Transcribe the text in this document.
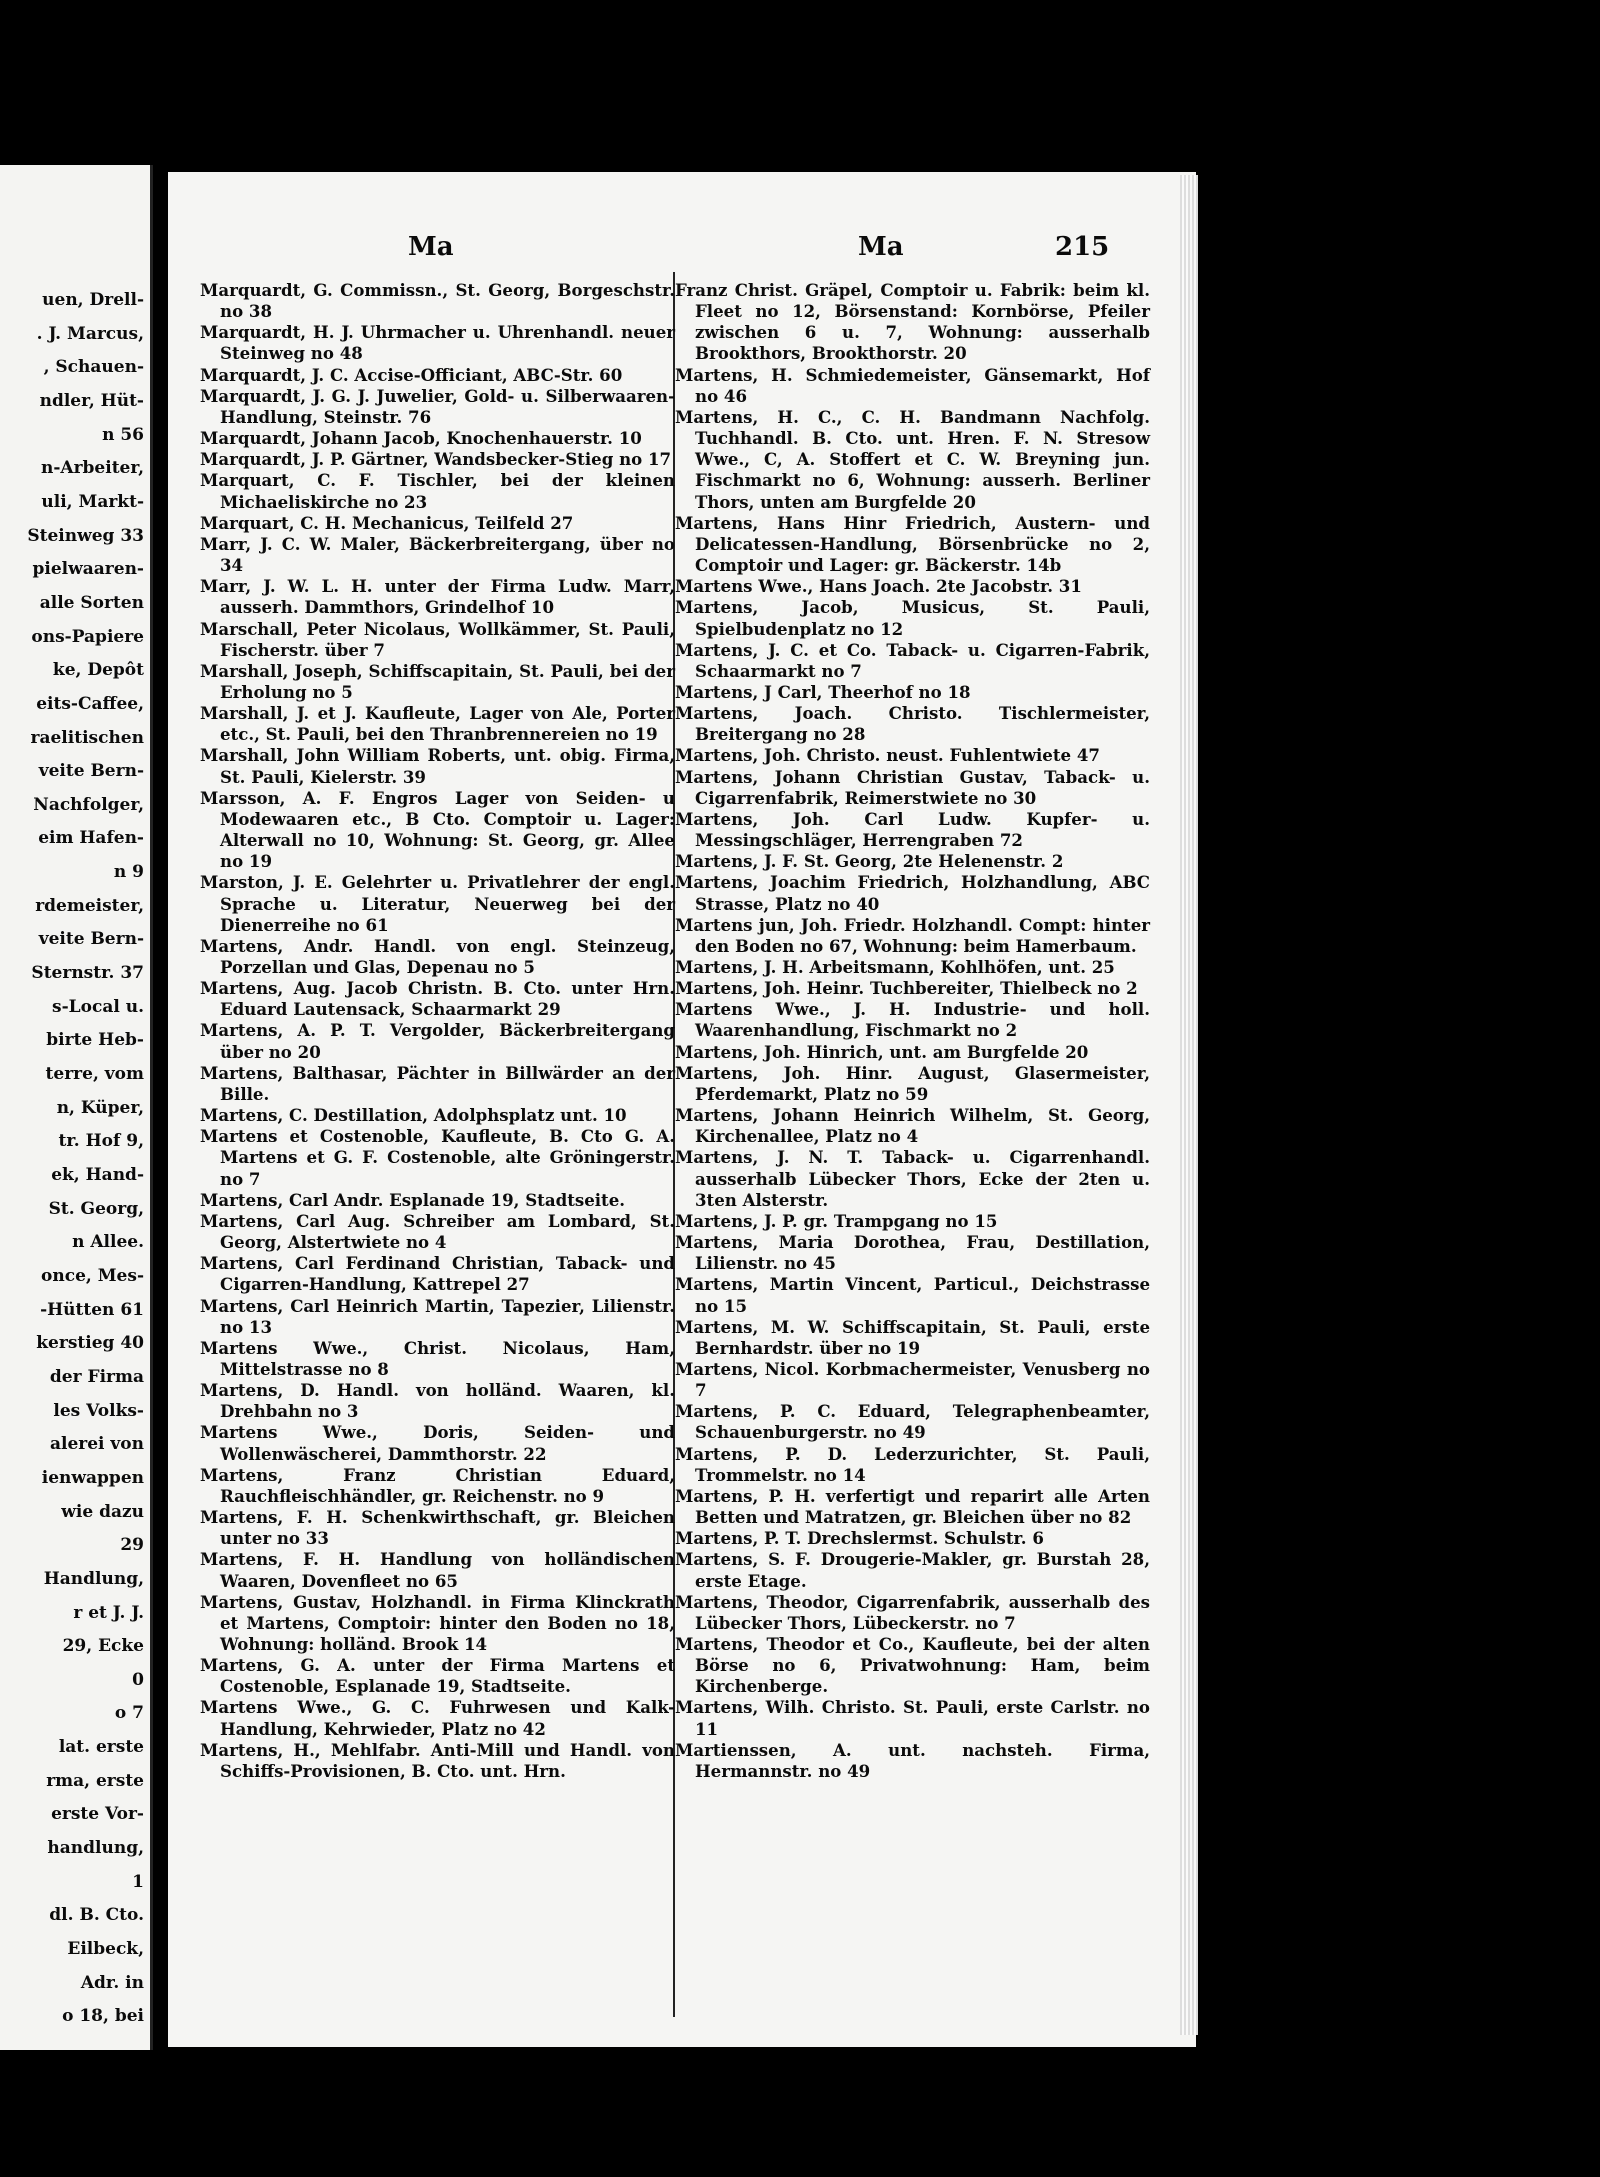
uen, Drell-
. J. Marcus,
, Schauen-
ndler, Hüt-
n 56
n-Arbeiter,
uli, Markt-
Steinweg 33
pielwaaren-
alle Sorten
ons-Papiere
ke, Depôt
eits-Caffee,
raelitischen
veite Bern-
Nachfolger,
eim Hafen-
n 9
rdemeister,
veite Bern-
Sternstr. 37
s-Local u.
birte Heb-
terre, vom
n, Küper,
tr. Hof 9,
ek, Hand-
St. Georg,
n Allee.
once, Mes-
-Hütten 61
kerstieg 40
der Firma
les Volks-
alerei von
ienwappen
wie dazu
29
Handlung,
r et J. J.
29, Ecke
0
o 7
lat. erste
rma, erste
erste Vor-
handlung,
1
dl. B. Cto.
Eilbeck,
Adr. in
o 18, bei
Ma	Ma	215

Marquardt, G. Commissn., St. Georg, Borgeschstr. no 38

Marquardt, H. J. Uhrmacher u. Uhrenhandl. neuer Steinweg no 48

Marquardt, J. C. Accise-Officiant, ABC-Str. 60

Marquardt, J. G. J. Juwelier, Gold- u. Silberwaaren-Handlung, Steinstr. 76

Marquardt, Johann Jacob, Knochenhauerstr. 10

Marquardt, J. P. Gärtner, Wandsbecker-Stieg no 17

Marquart, C. F. Tischler, bei der kleinen Michaeliskirche no 23

Marquart, C. H. Mechanicus, Teilfeld 27

Marr, J. C. W. Maler, Bäckerbreitergang, über no 34

Marr, J. W. L. H. unter der Firma Ludw. Marr, ausserh. Dammthors, Grindelhof 10

Marschall, Peter Nicolaus, Wollkämmer, St. Pauli, Fischerstr. über 7

Marshall, Joseph, Schiffscapitain, St. Pauli, bei der Erholung no 5

Marshall, J. et J. Kaufleute, Lager von Ale, Porter etc., St. Pauli, bei den Thranbrennereien no 19

Marshall, John William Roberts, unt. obig. Firma, St. Pauli, Kielerstr. 39

Marsson, A. F. Engros Lager von Seiden- u Modewaaren etc., B Cto. Comptoir u. Lager: Alterwall no 10, Wohnung: St. Georg, gr. Allee no 19

Marston, J. E. Gelehrter u. Privatlehrer der engl. Sprache u. Literatur, Neuerweg bei der Dienerreihe no 61

Martens, Andr. Handl. von engl. Steinzeug, Porzellan und Glas, Depenau no 5

Martens, Aug. Jacob Christn. B. Cto. unter Hrn. Eduard Lautensack, Schaarmarkt 29

Martens, A. P. T. Vergolder, Bäckerbreitergang über no 20

Martens, Balthasar, Pächter in Billwärder an der Bille.

Martens, C. Destillation, Adolphsplatz unt. 10

Martens et Costenoble, Kaufleute, B. Cto G. A. Martens et G. F. Costenoble, alte Gröningerstr. no 7

Martens, Carl Andr. Esplanade 19, Stadtseite.

Martens, Carl Aug. Schreiber am Lombard, St. Georg, Alstertwiete no 4

Martens, Carl Ferdinand Christian, Taback- und Cigarren-Handlung, Kattrepel 27

Martens, Carl Heinrich Martin, Tapezier, Lilienstr. no 13

Martens Wwe., Christ. Nicolaus, Ham, Mittelstrasse no 8

Martens, D. Handl. von holländ. Waaren, kl. Drehbahn no 3

Martens Wwe., Doris, Seiden- und Wollenwäscherei, Dammthorstr. 22

Martens, Franz Christian Eduard, Rauchfleischhändler, gr. Reichenstr. no 9

Martens, F. H. Schenkwirthschaft, gr. Bleichen unter no 33

Martens, F. H. Handlung von holländischen Waaren, Dovenfleet no 65

Martens, Gustav, Holzhandl. in Firma Klinckrath et Martens, Comptoir: hinter den Boden no 18, Wohnung: holländ. Brook 14

Martens, G. A. unter der Firma Martens et Costenoble, Esplanade 19, Stadtseite.

Martens Wwe., G. C. Fuhrwesen und Kalk-Handlung, Kehrwieder, Platz no 42

Martens, H., Mehlfabr. Anti-Mill und Handl. von Schiffs-Provisionen, B. Cto. unt. Hrn.

Franz Christ. Gräpel, Comptoir u. Fabrik: beim kl. Fleet no 12, Börsenstand: Kornbörse, Pfeiler zwischen 6 u. 7, Wohnung: ausserhalb Brookthors, Brookthorstr. 20

Martens, H. Schmiedemeister, Gänsemarkt, Hof no 46

Martens, H. C., C. H. Bandmann Nachfolg. Tuchhandl. B. Cto. unt. Hren. F. N. Stresow Wwe., C, A. Stoffert et C. W. Breyning jun. Fischmarkt no 6, Wohnung: ausserh. Berliner Thors, unten am Burgfelde 20

Martens, Hans Hinr Friedrich, Austern- und Delicatessen-Handlung, Börsenbrücke no 2, Comptoir und Lager: gr. Bäckerstr. 14b

Martens Wwe., Hans Joach. 2te Jacobstr. 31

Martens, Jacob, Musicus, St. Pauli, Spielbudenplatz no 12

Martens, J. C. et Co. Taback- u. Cigarren-Fabrik, Schaarmarkt no 7

Martens, J Carl, Theerhof no 18

Martens, Joach. Christo. Tischlermeister, Breitergang no 28

Martens, Joh. Christo. neust. Fuhlentwiete 47

Martens, Johann Christian Gustav, Taback- u. Cigarrenfabrik, Reimerstwiete no 30

Martens, Joh. Carl Ludw. Kupfer- u. Messingschläger, Herrengraben 72

Martens, J. F. St. Georg, 2te Helenenstr. 2

Martens, Joachim Friedrich, Holzhandlung, ABC Strasse, Platz no 40

Martens jun, Joh. Friedr. Holzhandl. Compt: hinter den Boden no 67, Wohnung: beim Hamerbaum.

Martens, J. H. Arbeitsmann, Kohlhöfen, unt. 25

Martens, Joh. Heinr. Tuchbereiter, Thielbeck no 2

Martens Wwe., J. H. Industrie- und holl. Waarenhandlung, Fischmarkt no 2

Martens, Joh. Hinrich, unt. am Burgfelde 20

Martens, Joh. Hinr. August, Glasermeister, Pferdemarkt, Platz no 59

Martens, Johann Heinrich Wilhelm, St. Georg, Kirchenallee, Platz no 4

Martens, J. N. T. Taback- u. Cigarrenhandl. ausserhalb Lübecker Thors, Ecke der 2ten u. 3ten Alsterstr.

Martens, J. P. gr. Trampgang no 15

Martens, Maria Dorothea, Frau, Destillation, Lilienstr. no 45

Martens, Martin Vincent, Particul., Deichstrasse no 15

Martens, M. W. Schiffscapitain, St. Pauli, erste Bernhardstr. über no 19

Martens, Nicol. Korbmachermeister, Venusberg no 7

Martens, P. C. Eduard, Telegraphenbeamter, Schauenburgerstr. no 49

Martens, P. D. Lederzurichter, St. Pauli, Trommelstr. no 14

Martens, P. H. verfertigt und reparirt alle Arten Betten und Matratzen, gr. Bleichen über no 82

Martens, P. T. Drechslermst. Schulstr. 6

Martens, S. F. Drougerie-Makler, gr. Burstah 28, erste Etage.

Martens, Theodor, Cigarrenfabrik, ausserhalb des Lübecker Thors, Lübeckerstr. no 7

Martens, Theodor et Co., Kaufleute, bei der alten Börse no 6, Privatwohnung: Ham, beim Kirchenberge.

Martens, Wilh. Christo. St. Pauli, erste Carlstr. no 11

Martienssen, A. unt. nachsteh. Firma, Hermannstr. no 49
